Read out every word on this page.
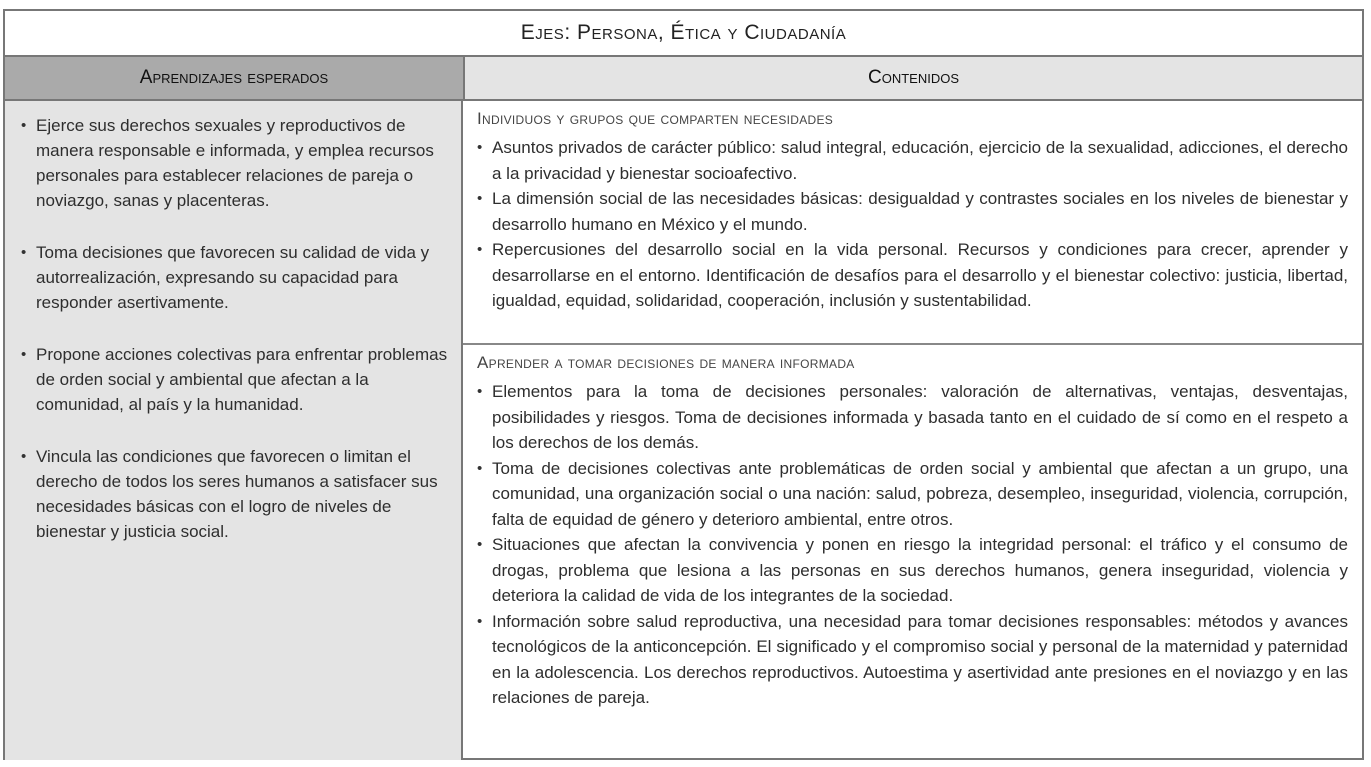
Ejes: Persona, Ética y Ciudadanía
Aprendizajes esperados	Contenidos
• Ejerce sus derechos sexuales y reproductivos de manera responsable e informada, y emplea recursos personales para establecer relaciones de pareja o noviazgo, sanas y placenteras.
• Toma decisiones que favorecen su calidad de vida y autorrealización, expresando su capacidad para responder asertivamente.
• Propone acciones colectivas para enfrentar problemas de orden social y ambiental que afectan a la comunidad, al país y la humanidad.
• Vincula las condiciones que favorecen o limitan el derecho de todos los seres humanos a satisfacer sus necesidades básicas con el logro de niveles de bienestar y justicia social.
Individuos y grupos que comparten necesidades
• Asuntos privados de carácter público: salud integral, educación, ejercicio de la sexualidad, adicciones, el derecho a la privacidad y bienestar socioafectivo.
• La dimensión social de las necesidades básicas: desigualdad y contrastes sociales en los niveles de bienestar y desarrollo humano en México y el mundo.
• Repercusiones del desarrollo social en la vida personal. Recursos y condiciones para crecer, aprender y desarrollarse en el entorno. Identificación de desafíos para el desarrollo y el bienestar colectivo: justicia, libertad, igualdad, equidad, solidaridad, cooperación, inclusión y sustentabilidad.
Aprender a tomar decisiones de manera informada
• Elementos para la toma de decisiones personales: valoración de alternativas, ventajas, desventajas, posibilidades y riesgos. Toma de decisiones informada y basada tanto en el cuidado de sí como en el respeto a los derechos de los demás.
• Toma de decisiones colectivas ante problemáticas de orden social y ambiental que afectan a un grupo, una comunidad, una organización social o una nación: salud, pobreza, desempleo, inseguridad, violencia, corrupción, falta de equidad de género y deterioro ambiental, entre otros.
• Situaciones que afectan la convivencia y ponen en riesgo la integridad personal: el tráfico y el consumo de drogas, problema que lesiona a las personas en sus derechos humanos, genera inseguridad, violencia y deteriora la calidad de vida de los integrantes de la sociedad.
• Información sobre salud reproductiva, una necesidad para tomar decisiones responsables: métodos y avances tecnológicos de la anticoncepción. El significado y el compromiso social y personal de la maternidad y paternidad en la adolescencia. Los derechos reproductivos. Autoestima y asertividad ante presiones en el noviazgo y en las relaciones de pareja.
